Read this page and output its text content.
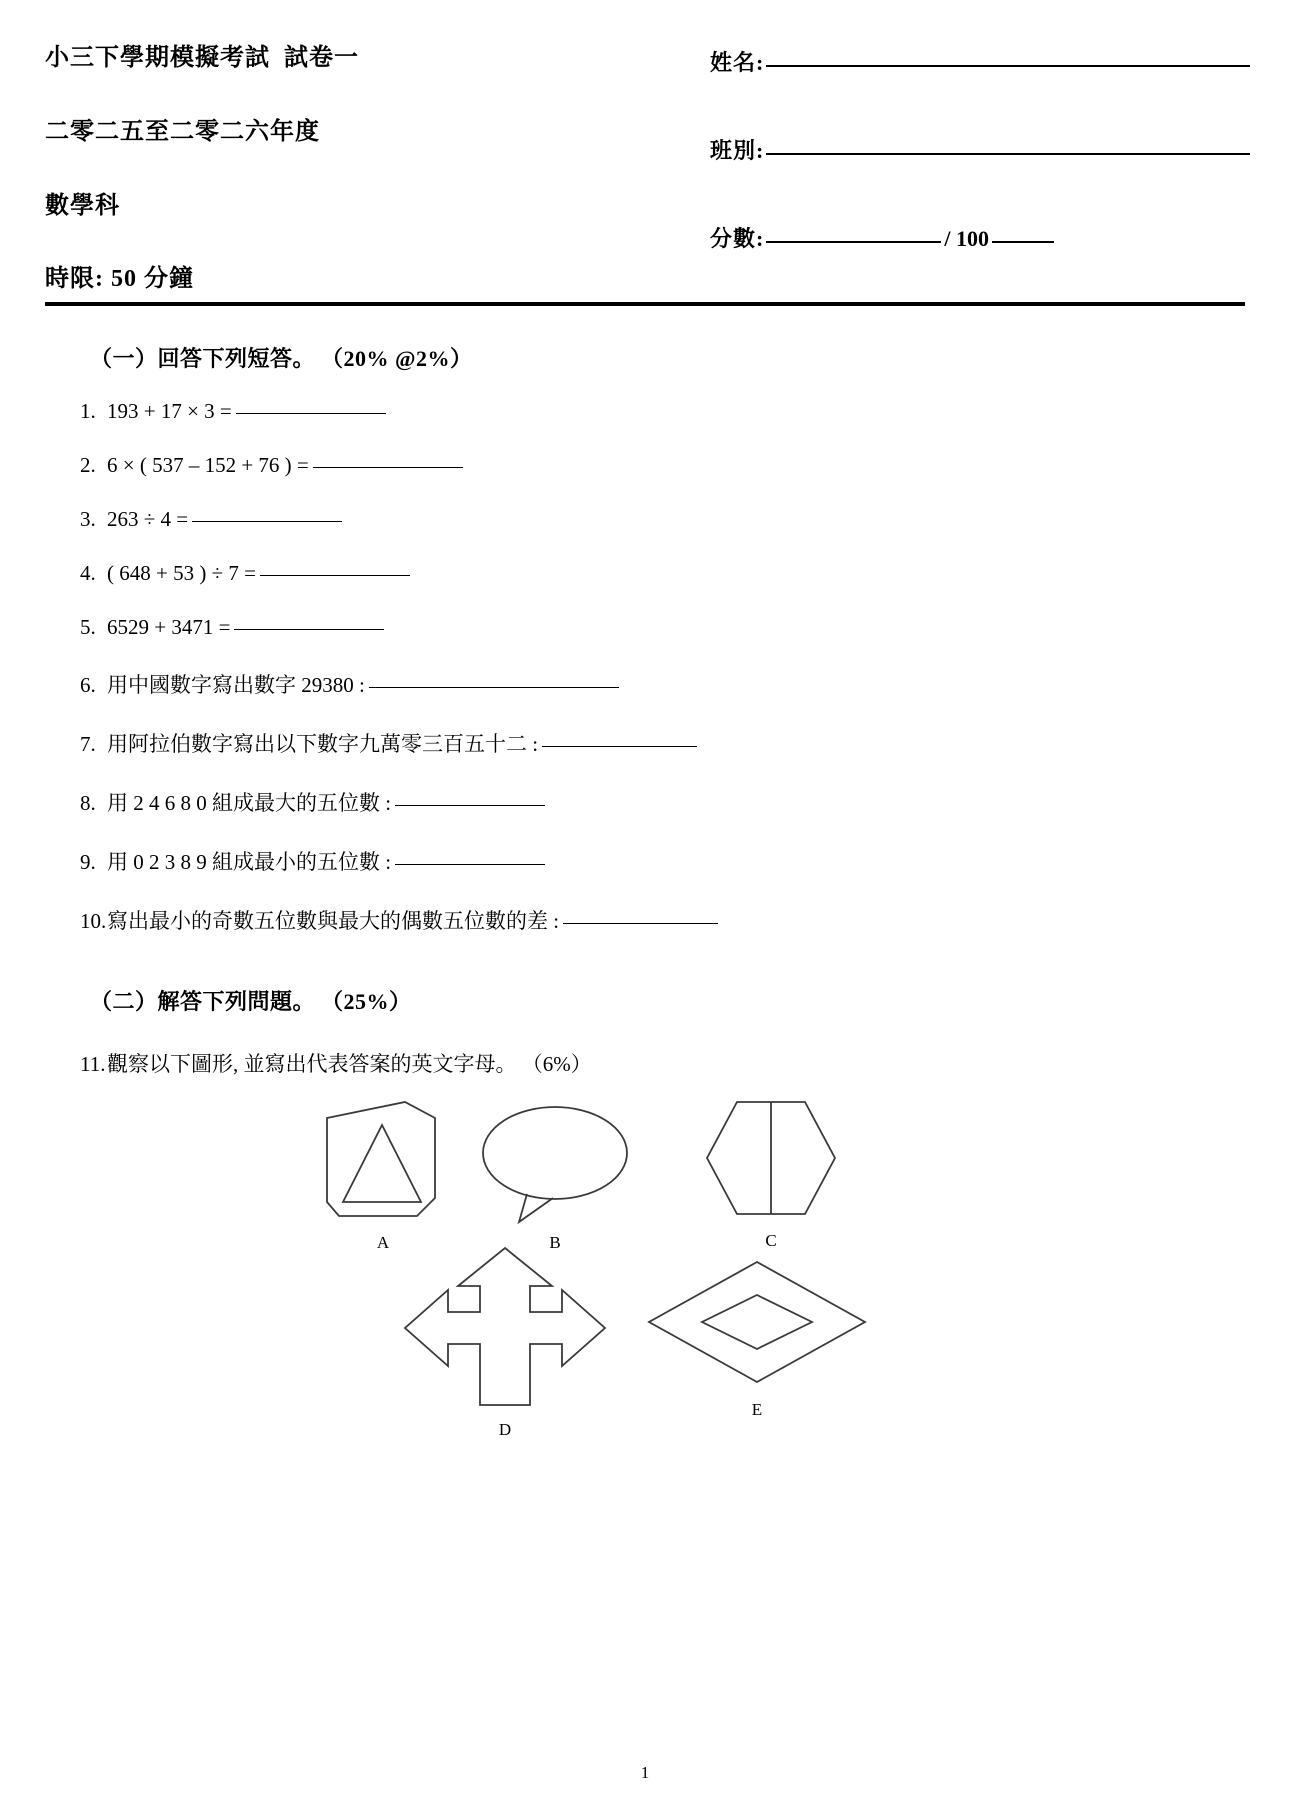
小三下學期模擬考試  試卷一
二零二五至二零二六年度
數學科
時限: 50 分鐘
姓名:
班別:
分數:	/ 100
（一）回答下列短答。 （20% @2%）
1. 193 + 17 × 3 =
2. 6 × ( 537 – 152 + 76 ) =
3. 263 ÷ 4 =
4. ( 648 + 53 ) ÷ 7 =
5. 6529 + 3471 =
6. 用中國數字寫出數字 29380 :
7. 用阿拉伯數字寫出以下數字九萬零三百五十二 :
8. 用 2 4 6 8 0 組成最大的五位數 :
9. 用 0 2 3 8 9 組成最小的五位數 :
10. 寫出最小的奇數五位數與最大的偶數五位數的差 :
（二）解答下列問題。 （25%）
11. 觀察以下圖形, 並寫出代表答案的英文字母。 （6%）
A	B	C
D
E
1
